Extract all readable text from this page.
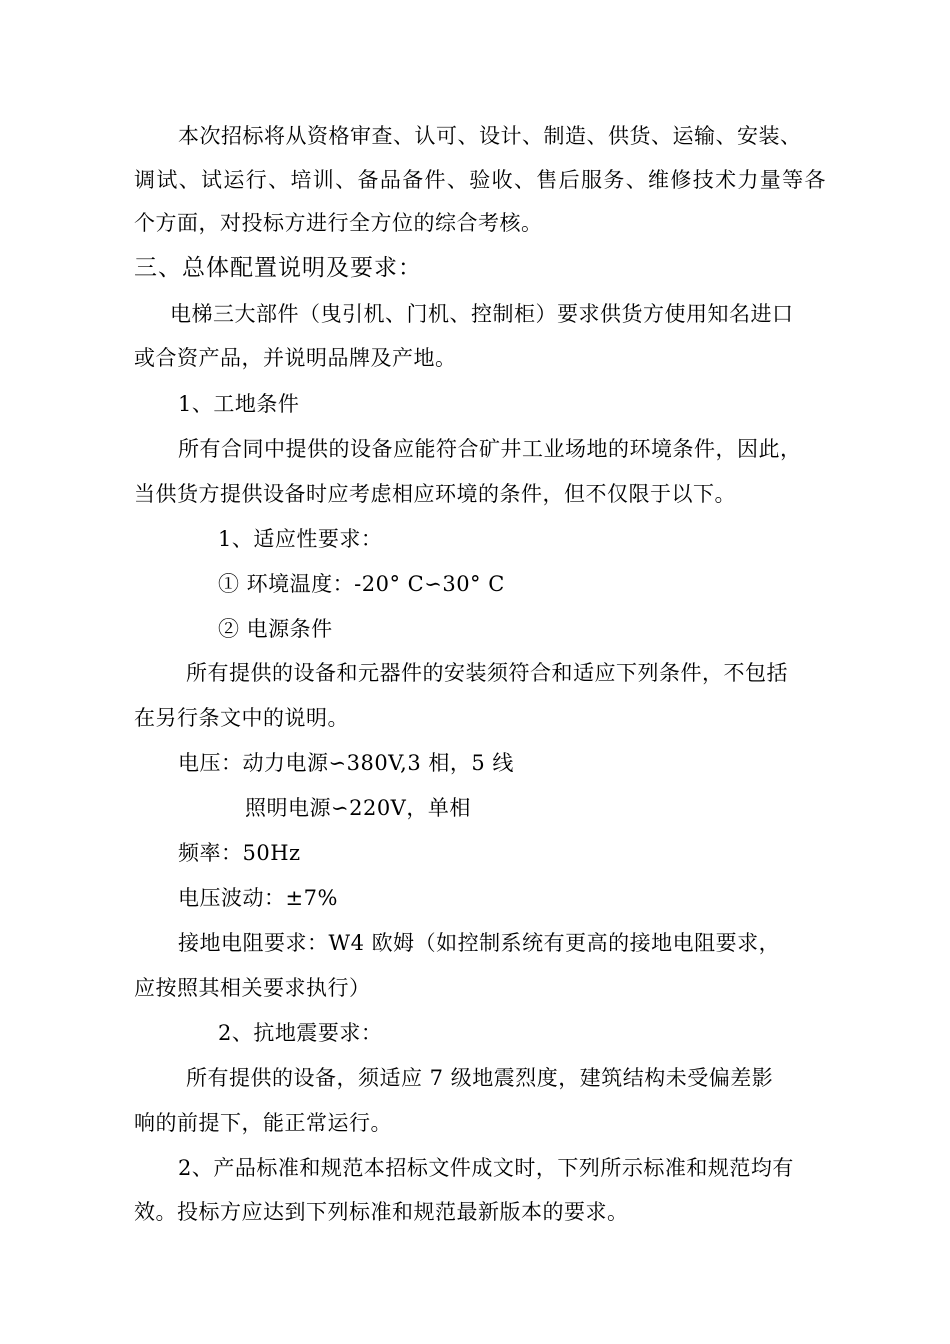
本次招标将从资格审查、认可、设计、制造、供货、运输、安装、
调试、试运行、培训、备品备件、验收、售后服务、维修技术力量等各
个方面，对投标方进行全方位的综合考核。
三、总体配置说明及要求：
电梯三大部件（曳引机、门机、控制柜）要求供货方使用知名进口
或合资产品，并说明品牌及产地。
1、工地条件
所有合同中提供的设备应能符合矿井工业场地的环境条件，因此，
当供货方提供设备时应考虑相应环境的条件，但不仅限于以下。
1、适应性要求：
① 环境温度：-20° C∽30° C
② 电源条件
所有提供的设备和元器件的安装须符合和适应下列条件，不包括
在另行条文中的说明。
电压：动力电源∽380V,3 相，5 线
照明电源∽220V，单相
频率：50Hz
电压波动：±7%
接地电阻要求：W4 欧姆（如控制系统有更高的接地电阻要求，
应按照其相关要求执行）
2、抗地震要求：
所有提供的设备，须适应 7 级地震烈度，建筑结构未受偏差影
响的前提下，能正常运行。
2、产品标准和规范本招标文件成文时，下列所示标准和规范均有
效。投标方应达到下列标准和规范最新版本的要求。
